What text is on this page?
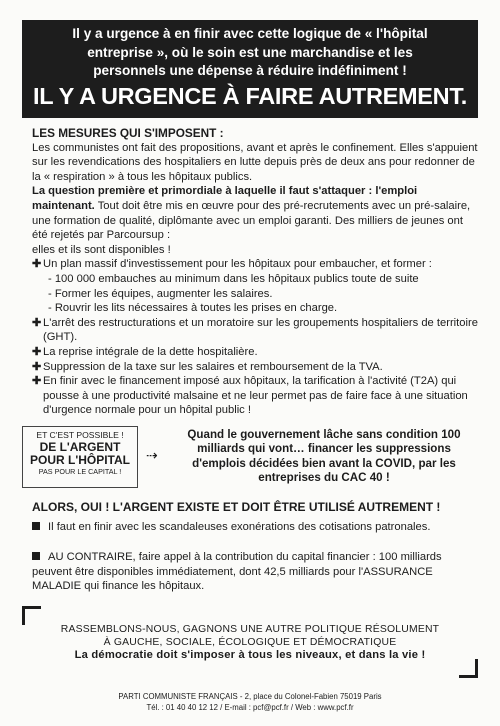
Il y a urgence à en finir avec cette logique de « l'hôpital
entreprise », où le soin est une marchandise et les
personnels une dépense à réduire indéfiniment !
IL Y A URGENCE À FAIRE AUTREMENT.
LES MESURES QUI S'IMPOSENT :
Les communistes ont fait des propositions, avant et après le confinement. Elles s'appuient sur les revendications des hospitaliers en lutte depuis près de deux ans pour redonner de la « respiration » à tous les hôpitaux publics.
La question première et primordiale à laquelle il faut s'attaquer : l'emploi maintenant. Tout doit être mis en œuvre pour des pré-recrutements avec un pré-salaire, une formation de qualité, diplômante avec un emploi garanti. Des milliers de jeunes ont été rejetés par Parcoursup :
elles et ils sont disponibles !
✚ Un plan massif d'investissement pour les hôpitaux pour embaucher, et former :
- 100 000 embauches au minimum dans les hôpitaux publics toute de suite
- Former les équipes, augmenter les salaires.
- Rouvrir les lits nécessaires à toutes les prises en charge.
✚ L'arrêt des restructurations et un moratoire sur les groupements hospitaliers de territoire (GHT).
✚ La reprise intégrale de la dette hospitalière.
✚ Suppression de la taxe sur les salaires et remboursement de la TVA.
✚ En finir avec le financement imposé aux hôpitaux, la tarification à l'activité (T2A) qui pousse à une productivité malsaine et ne leur permet pas de faire face à une situation d'urgence normale pour un hôpital public !
ET C'EST POSSIBLE !
DE L'ARGENT
POUR L'HÔPITAL
PAS POUR LE CAPITAL !
⇢
Quand le gouvernement lâche sans condition 100 milliards qui vont… financer les suppressions d'emplois décidées bien avant la COVID, par les entreprises du CAC 40 !
ALORS, OUI ! L'ARGENT EXISTE ET DOIT ÊTRE UTILISÉ AUTREMENT !
Il faut en finir avec les scandaleuses exonérations des cotisations patronales.
AU CONTRAIRE, faire appel à la contribution du capital financier : 100 milliards peuvent être disponibles immédiatement, dont 42,5 milliards pour l'ASSURANCE MALADIE qui finance les hôpitaux.
RASSEMBLONS-NOUS, GAGNONS UNE AUTRE POLITIQUE RÉSOLUMENT
À GAUCHE, SOCIALE, ÉCOLOGIQUE ET DÉMOCRATIQUE
La démocratie doit s'imposer à tous les niveaux, et dans la vie !
PARTI COMMUNISTE FRANÇAIS - 2, place du Colonel-Fabien 75019 Paris
Tél. : 01 40 40 12 12 / E-mail : pcf@pcf.fr / Web : www.pcf.fr
